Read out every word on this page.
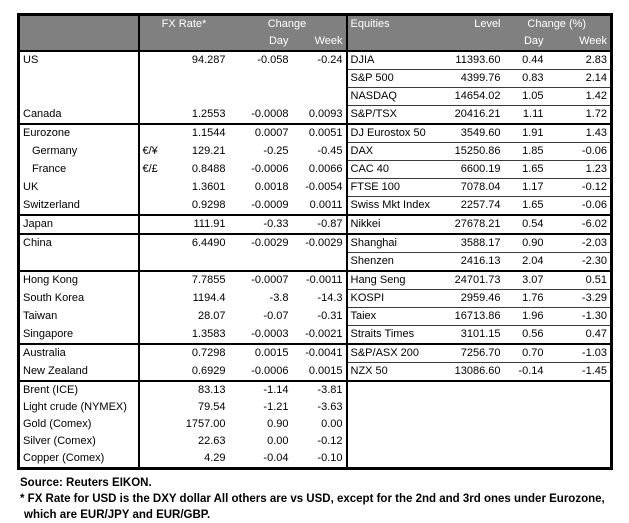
	FX Rate*		Change		Equities	Level	Change (%)	
			Day	Week			Day	Week
US		94.287	-0.058	-0.24	DJIA	11393.60	0.44	2.83
					S&P 500	4399.76	0.83	2.14
					NASDAQ	14654.02	1.05	1.42
Canada		1.2553	-0.0008	0.0093	S&P/TSX	20416.21	1.11	1.72
Eurozone		1.1544	0.0007	0.0051	DJ Eurostox 50	3549.60	1.91	1.43
Germany	€/¥	129.21	-0.25	-0.45	DAX	15250.86	1.85	-0.06
France	€/£	0.8488	-0.0006	0.0066	CAC 40	6600.19	1.65	1.23
UK		1.3601	0.0018	-0.0054	FTSE 100	7078.04	1.17	-0.12
Switzerland		0.9298	-0.0009	0.0011	Swiss Mkt Index	2257.74	1.65	-0.06
Japan		111.91	-0.33	-0.87	Nikkei	27678.21	0.54	-6.02
China		6.4490	-0.0029	-0.0029	Shanghai	3588.17	0.90	-2.03
					Shenzen	2416.13	2.04	-2.30
Hong Kong		7.7855	-0.0007	-0.0011	Hang Seng	24701.73	3.07	0.51
South Korea		1194.4	-3.8	-14.3	KOSPI	2959.46	1.76	-3.29
Taiwan		28.07	-0.07	-0.31	Taiex	16713.86	1.96	-1.30
Singapore		1.3583	-0.0003	-0.0021	Straits Times	3101.15	0.56	0.47
Australia		0.7298	0.0015	-0.0041	S&P/ASX 200	7256.70	0.70	-1.03
New Zealand		0.6929	-0.0006	0.0015	NZX 50	13086.60	-0.14	-1.45
Brent (ICE)		83.13	-1.14	-3.81				
Light crude (NYMEX)		79.54	-1.21	-3.63				
Gold (Comex)		1757.00	0.90	0.00				
Silver (Comex)		22.63	0.00	-0.12				
Copper (Comex)		4.29	-0.04	-0.10				
Source: Reuters EIKON.
* FX Rate for USD is the DXY dollar All others are vs USD, except for the 2nd and 3rd ones under Eurozone,
which are EUR/JPY and EUR/GBP.
